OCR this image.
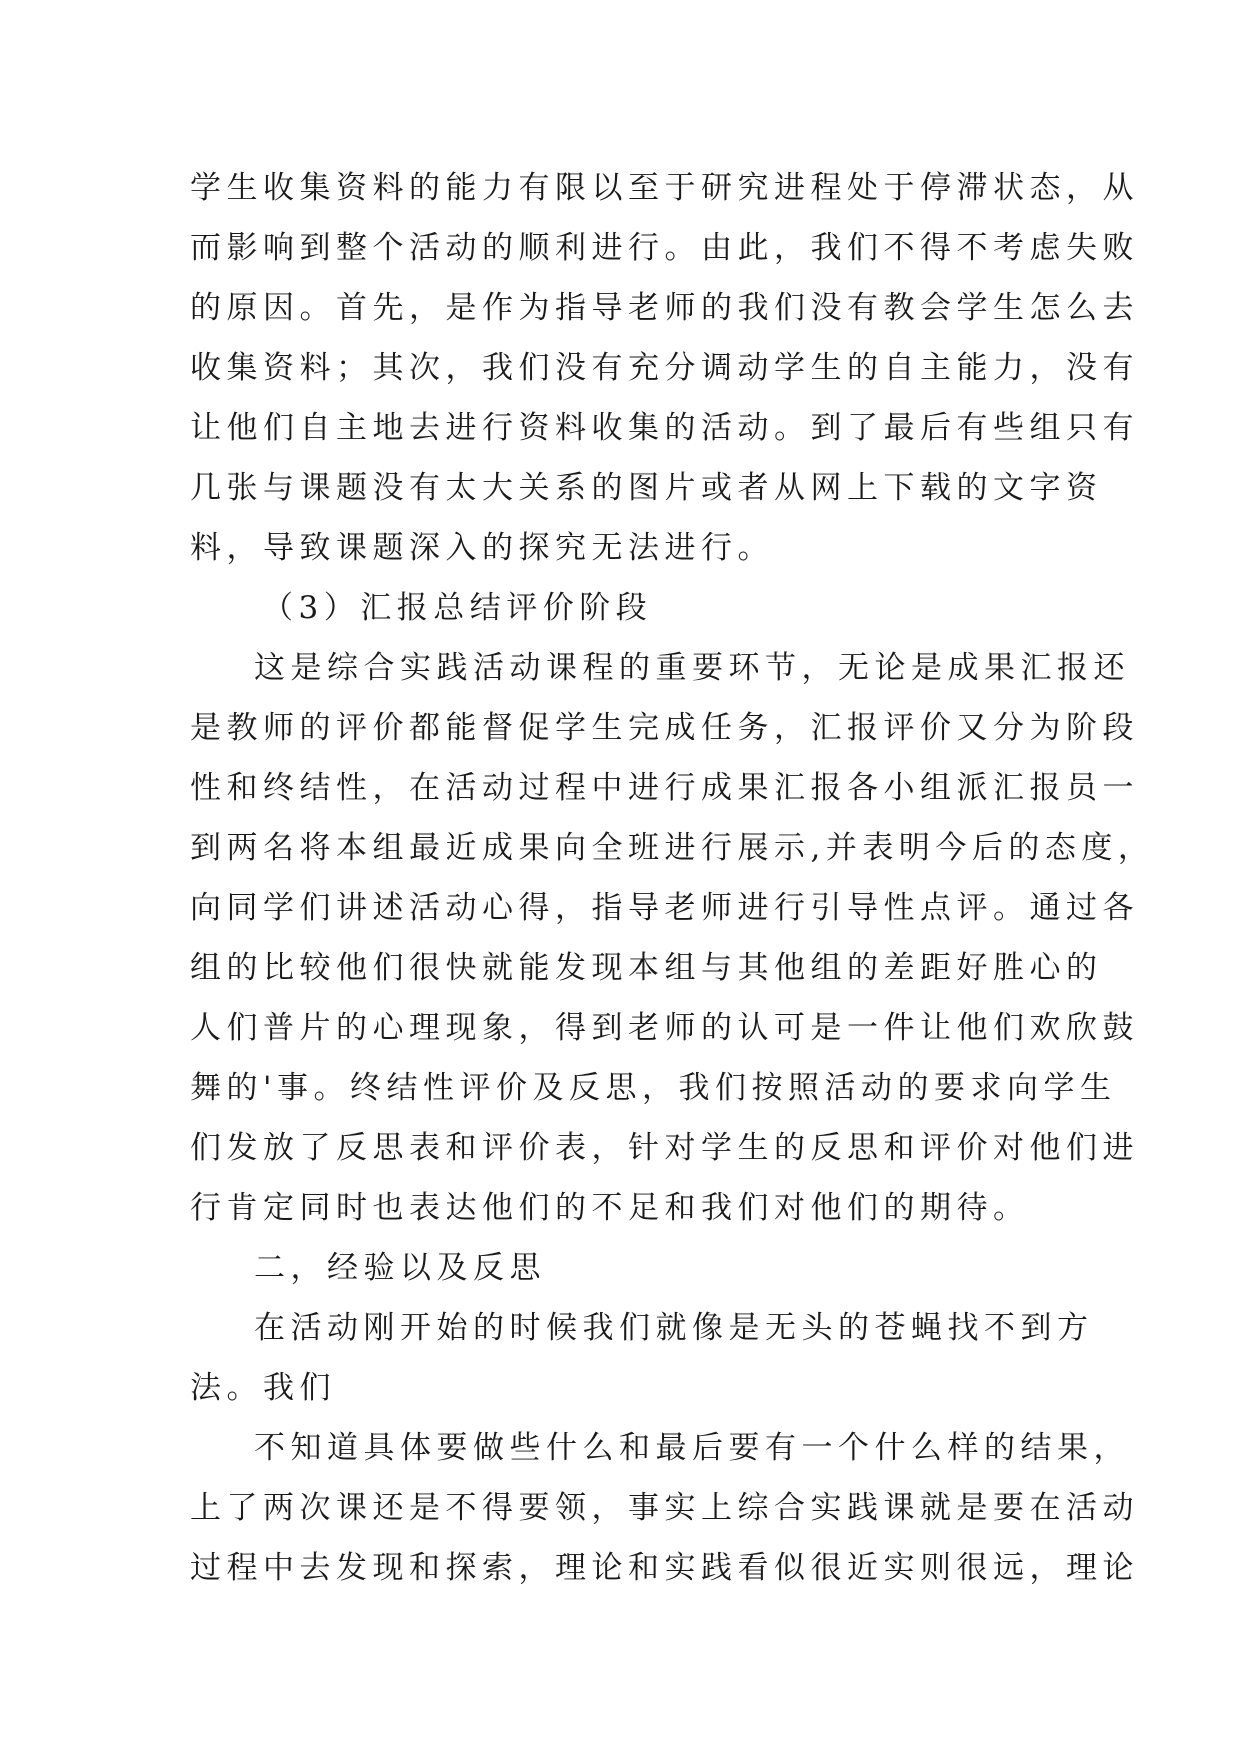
学生收集资料的能力有限以至于研究进程处于停滞状态，从
而影响到整个活动的顺利进行。由此，我们不得不考虑失败
的原因。首先，是作为指导老师的我们没有教会学生怎么去
收集资料；其次，我们没有充分调动学生的自主能力，没有
让他们自主地去进行资料收集的活动。到了最后有些组只有
几张与课题没有太大关系的图片或者从网上下载的文字资
料，导致课题深入的探究无法进行。
（3）汇报总结评价阶段
这是综合实践活动课程的重要环节，无论是成果汇报还
是教师的评价都能督促学生完成任务，汇报评价又分为阶段
性和终结性，在活动过程中进行成果汇报各小组派汇报员一
到两名将本组最近成果向全班进行展示,并表明今后的态度，
向同学们讲述活动心得，指导老师进行引导性点评。通过各
组的比较他们很快就能发现本组与其他组的差距好胜心的
人们普片的心理现象，得到老师的认可是一件让他们欢欣鼓
舞的'事。终结性评价及反思，我们按照活动的要求向学生
们发放了反思表和评价表，针对学生的反思和评价对他们进
行肯定同时也表达他们的不足和我们对他们的期待。
二，经验以及反思
在活动刚开始的时候我们就像是无头的苍蝇找不到方
法。我们
不知道具体要做些什么和最后要有一个什么样的结果，
上了两次课还是不得要领，事实上综合实践课就是要在活动
过程中去发现和探索，理论和实践看似很近实则很远，理论
